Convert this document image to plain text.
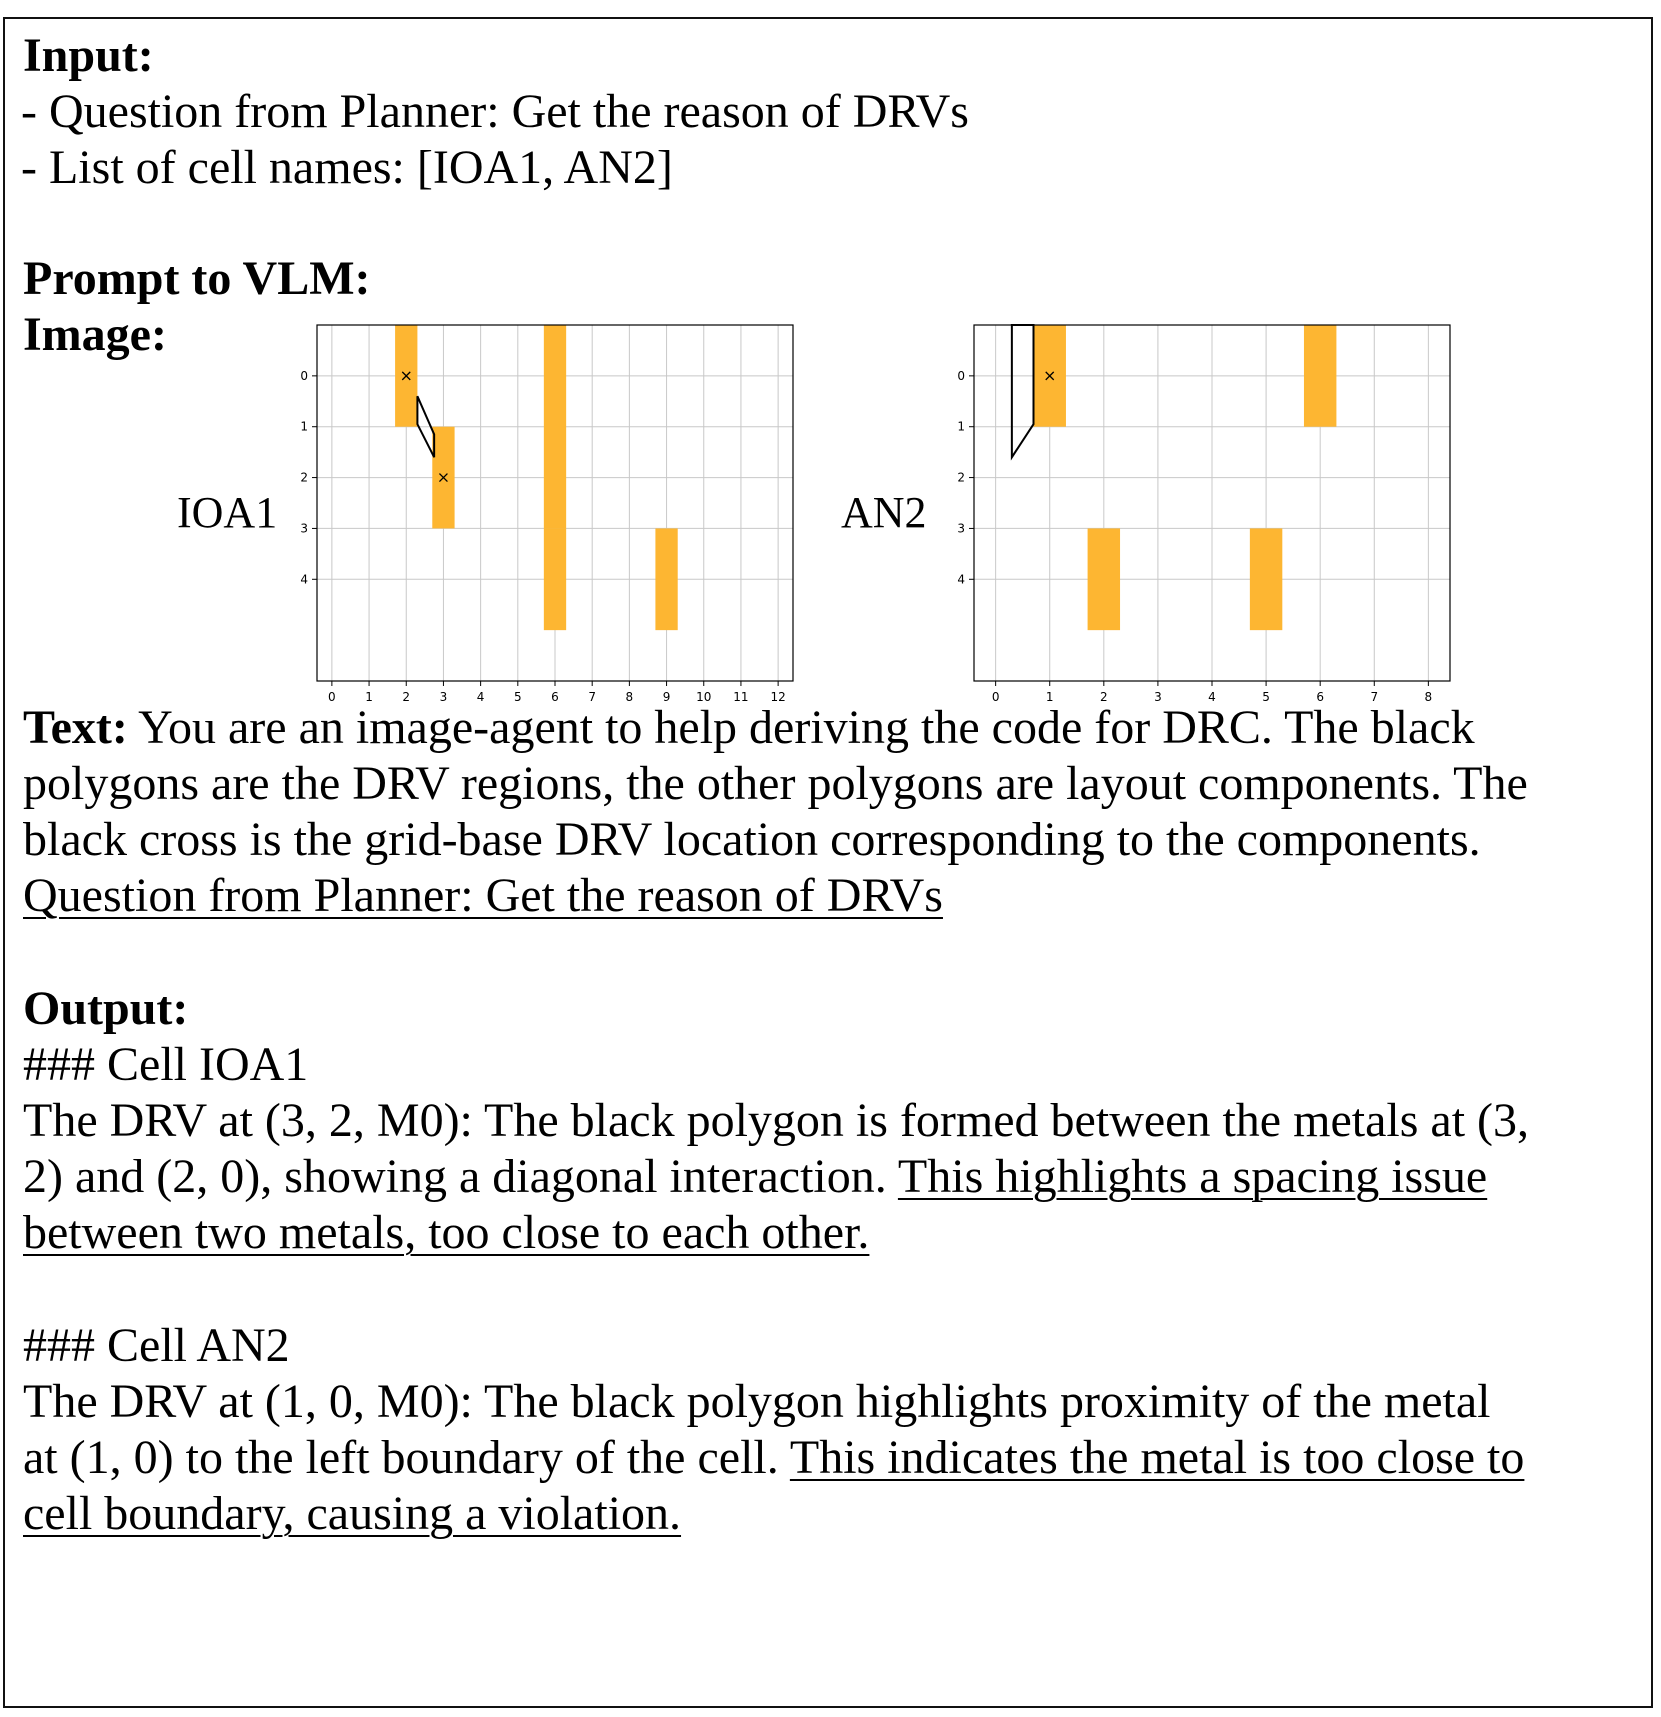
Input:
- Question from Planner: Get the reason of DRVs
- List of cell names: [IOA1, AN2]
Prompt to VLM:
Image:
IOA1	AN2
0 1 2 3 4 5 6 7 8 9 10 11 12
0
1
2
3
4
0	1	2	3	4	5	6	7	8
0
1
2
3
4
Text: You are an image-agent to help deriving the code for DRC. The black
polygons are the DRV regions, the other polygons are layout components. The
black cross is the grid-base DRV location corresponding to the components.
Question from Planner: Get the reason of DRVs
Output:
### Cell IOA1
The DRV at (3, 2, M0): The black polygon is formed between the metals at (3,
2) and (2, 0), showing a diagonal interaction. This highlights a spacing issue
between two metals, too close to each other.
### Cell AN2
The DRV at (1, 0, M0): The black polygon highlights proximity of the metal
at (1, 0) to the left boundary of the cell. This indicates the metal is too close to
cell boundary, causing a violation.
